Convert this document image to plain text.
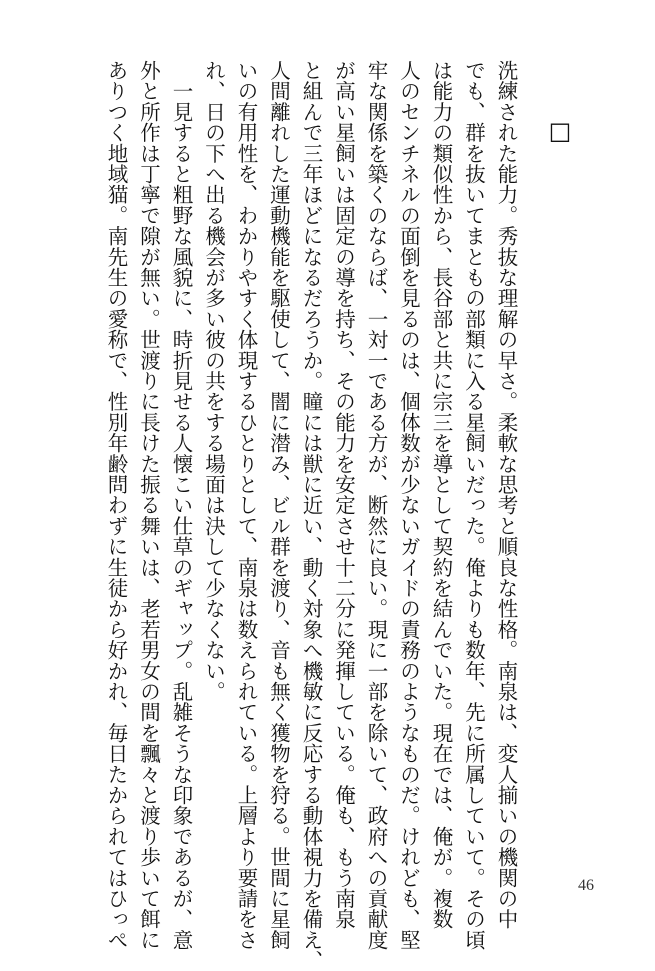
□
洗練された能力。秀抜な理解の早さ。柔軟な思考と順良な性格。南泉は、変人揃いの機関の中
でも、群を抜いてまともの部類に入る星飼いだった。俺よりも数年、先に所属していて。その頃
は能力の類似性から、長谷部と共に宗三を導として契約を結んでいた。現在では、俺が。複数
人のセンチネルの面倒を見るのは、個体数が少ないガイドの責務のようなものだ。けれども、堅
牢な関係を築くのならば、一対一である方が、断然に良い。現に一部を除いて、政府への貢献度
が高い星飼いは固定の導を持ち、その能力を安定させ十二分に発揮している。俺も、もう南泉
と組んで三年ほどになるだろうか。瞳には獣に近い、動く対象へ機敏に反応する動体視力を備え、
人間離れした運動機能を駆使して、闇に潜み、ビル群を渡り、音も無く獲物を狩る。世間に星飼
いの有用性を、わかりやすく体現するひとりとして、南泉は数えられている。上層より要請をさ
れ、日の下へ出る機会が多い彼の共をする場面は決して少なくない。
　一見すると粗野な風貌に、時折見せる人懐こい仕草のギャップ。乱雑そうな印象であるが、意
外と所作は丁寧で隙が無い。世渡りに長けた振る舞いは、老若男女の間を飄々と渡り歩いて餌に
ありつく地域猫。南先生の愛称で、性別年齢問わずに生徒から好かれ、毎日たかられてはひっぺ	46
